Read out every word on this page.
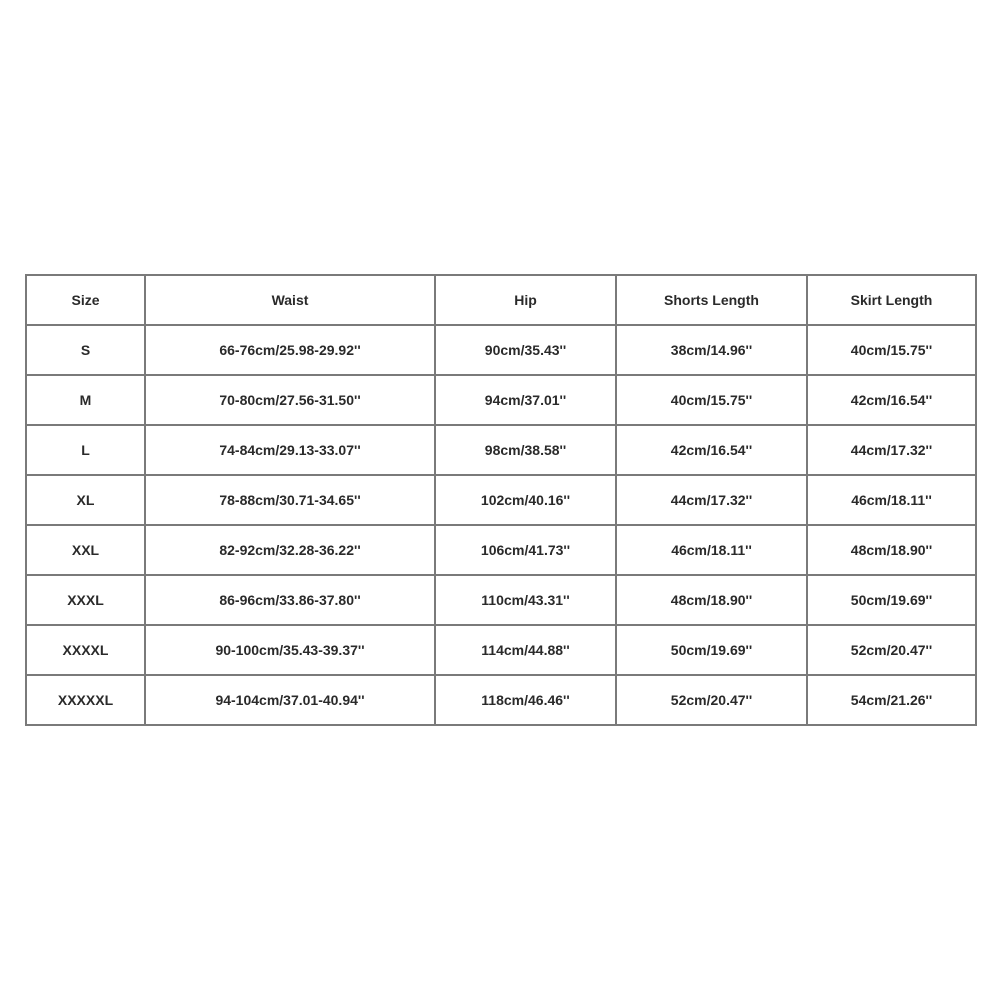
Size	Waist	Hip	Shorts Length	Skirt Length
S	66-76cm/25.98-29.92''	90cm/35.43''	38cm/14.96''	40cm/15.75''
M	70-80cm/27.56-31.50''	94cm/37.01''	40cm/15.75''	42cm/16.54''
L	74-84cm/29.13-33.07''	98cm/38.58''	42cm/16.54''	44cm/17.32''
XL	78-88cm/30.71-34.65''	102cm/40.16''	44cm/17.32''	46cm/18.11''
XXL	82-92cm/32.28-36.22''	106cm/41.73''	46cm/18.11''	48cm/18.90''
XXXL	86-96cm/33.86-37.80''	110cm/43.31''	48cm/18.90''	50cm/19.69''
XXXXL	90-100cm/35.43-39.37''	114cm/44.88''	50cm/19.69''	52cm/20.47''
XXXXXL	94-104cm/37.01-40.94''	118cm/46.46''	52cm/20.47''	54cm/21.26''
